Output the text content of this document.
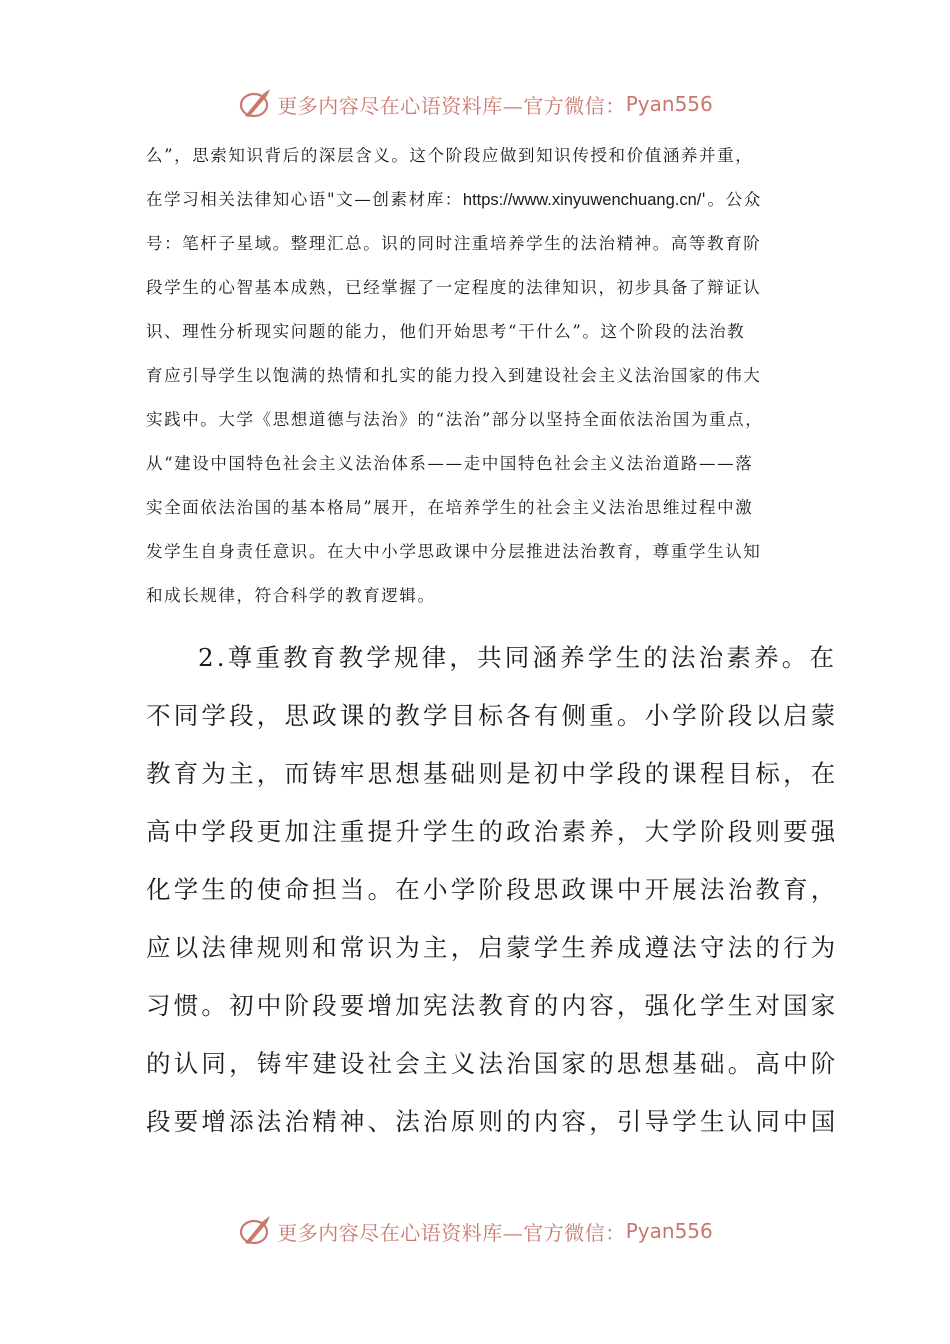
更多内容尽在心语资料库—官方微信： Pyan556
么”，思索知识背后的深层含义。这个阶段应做到知识传授和价值涵养并重，
在学习相关法律知心语"文—创素材库：https://www.xinyuwenchuang.cn/'。公众
号：笔杆子星域。整理汇总。识的同时注重培养学生的法治精神。高等教育阶
段学生的心智基本成熟，已经掌握了一定程度的法律知识，初步具备了辩证认
识、理性分析现实问题的能力，他们开始思考“干什么”。这个阶段的法治教
育应引导学生以饱满的热情和扎实的能力投入到建设社会主义法治国家的伟大
实践中。大学《思想道德与法治》的“法治”部分以坚持全面依法治国为重点，
从“建设中国特色社会主义法治体系——走中国特色社会主义法治道路——落
实全面依法治国的基本格局”展开，在培养学生的社会主义法治思维过程中激
发学生自身责任意识。在大中小学思政课中分层推进法治教育，尊重学生认知
和成长规律，符合科学的教育逻辑。
2.尊重教育教学规律，共同涵养学生的法治素养。在
不同学段，思政课的教学目标各有侧重。小学阶段以启蒙
教育为主，而铸牢思想基础则是初中学段的课程目标，在
高中学段更加注重提升学生的政治素养，大学阶段则要强
化学生的使命担当。在小学阶段思政课中开展法治教育，
应以法律规则和常识为主，启蒙学生养成遵法守法的行为
习惯。初中阶段要增加宪法教育的内容，强化学生对国家
的认同，铸牢建设社会主义法治国家的思想基础。高中阶
段要增添法治精神、法治原则的内容，引导学生认同中国
更多内容尽在心语资料库—官方微信： Pyan556
